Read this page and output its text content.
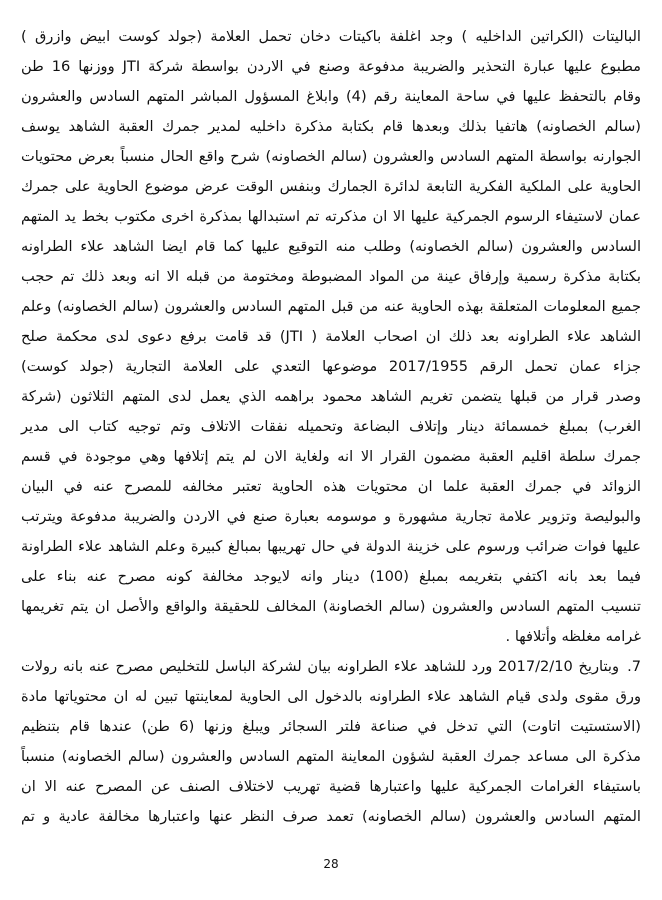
الباليتات (الكراتين الداخليه ) وجد اغلفة باكيتات دخان تحمل العلامة (جولد كوست ابيض وازرق )
مطبوع عليها عبارة التحذير والضريبة مدفوعة وصنع في الاردن بواسطة شركة JTI ووزنها 16 طن
وقام بالتحفظ عليها في ساحة المعاينة رقم (4) وابلاغ المسؤول المباشر المتهم السادس والعشرون
(سالم الخصاونه) هاتفيا بذلك وبعدها قام بكتابة مذكرة داخليه لمدير جمرك العقبة الشاهد يوسف
الجوارنه بواسطة المتهم السادس والعشرون (سالم الخصاونه) شرح واقع الحال منسباً بعرض محتويات
الحاوية على الملكية الفكرية التابعة لدائرة الجمارك وبنفس الوقت عرض موضوع الحاوية على جمرك
عمان لاستيفاء الرسوم الجمركية عليها الا ان مذكرته تم استبدالها بمذكرة اخرى مكتوب بخط يد المتهم
السادس والعشرون (سالم الخصاونه) وطلب منه التوقيع عليها كما قام ايضا الشاهد علاء الطراونه
بكتابة مذكرة رسمية وإرفاق عينة من المواد المضبوطة ومختومة من قبله الا انه وبعد ذلك تم حجب
جميع المعلومات المتعلقة بهذه الحاوية عنه من قبل المتهم السادس والعشرون (سالم الخصاونه) وعلم
الشاهد علاء الطراونه بعد ذلك ان اصحاب العلامة ( JTI) قد قامت برفع دعوى لدى محكمة صلح
جزاء عمان تحمل الرقم 2017/1955 موضوعها التعدي على العلامة التجارية (جولد كوست)
وصدر قرار من قبلها يتضمن تغريم الشاهد محمود براهمه الذي يعمل لدى المتهم الثلاثون (شركة
الغرب) بمبلغ خمسمائة دينار وإتلاف البضاعة وتحميله نفقات الاتلاف وتم توجيه كتاب الى مدير
جمرك سلطة اقليم العقبة مضمون القرار الا انه ولغاية الان لم يتم إتلافها وهي موجودة في قسم
الزوائد في جمرك العقبة علما ان محتويات هذه الحاوية تعتبر مخالفه للمصرح عنه في البيان
والبوليصة وتزوير علامة تجارية مشهورة و موسومه بعبارة صنع في الاردن والضريبة مدفوعة ويترتب
عليها فوات ضرائب ورسوم على خزينة الدولة في حال تهريبها بمبالغ كبيرة وعلم الشاهد علاء الطراونة
فيما بعد بانه اكتفي بتغريمه بمبلغ (100) دينار وانه لايوجد مخالفة كونه مصرح عنه بناء على
تنسيب المتهم السادس والعشرون (سالم الخصاونة) المخالف للحقيقة والواقع والأصل ان يتم تغريمها
غرامه مغلظه وأتلافها .
7.
وبتاريخ 2017/2/10 ورد للشاهد علاء الطراونه بيان لشركة الباسل للتخليص مصرح عنه بانه رولات
ورق مقوى ولدى قيام الشاهد علاء الطراونه بالدخول الى الحاوية لمعاينتها تبين له ان محتوياتها مادة
(الاستستيت اتاوت) التي تدخل في صناعة فلتر السجائر ويبلغ وزنها (6 طن) عندها قام بتنظيم
مذكرة الى مساعد جمرك العقبة لشؤون المعاينة المتهم السادس والعشرون (سالم الخصاونه) منسباً
باستيفاء الغرامات الجمركية عليها واعتبارها قضية تهريب لاختلاف الصنف عن المصرح عنه الا ان
المتهم السادس والعشرون (سالم الخصاونه) تعمد صرف النظر عنها واعتبارها مخالفة عادية و تم
28
